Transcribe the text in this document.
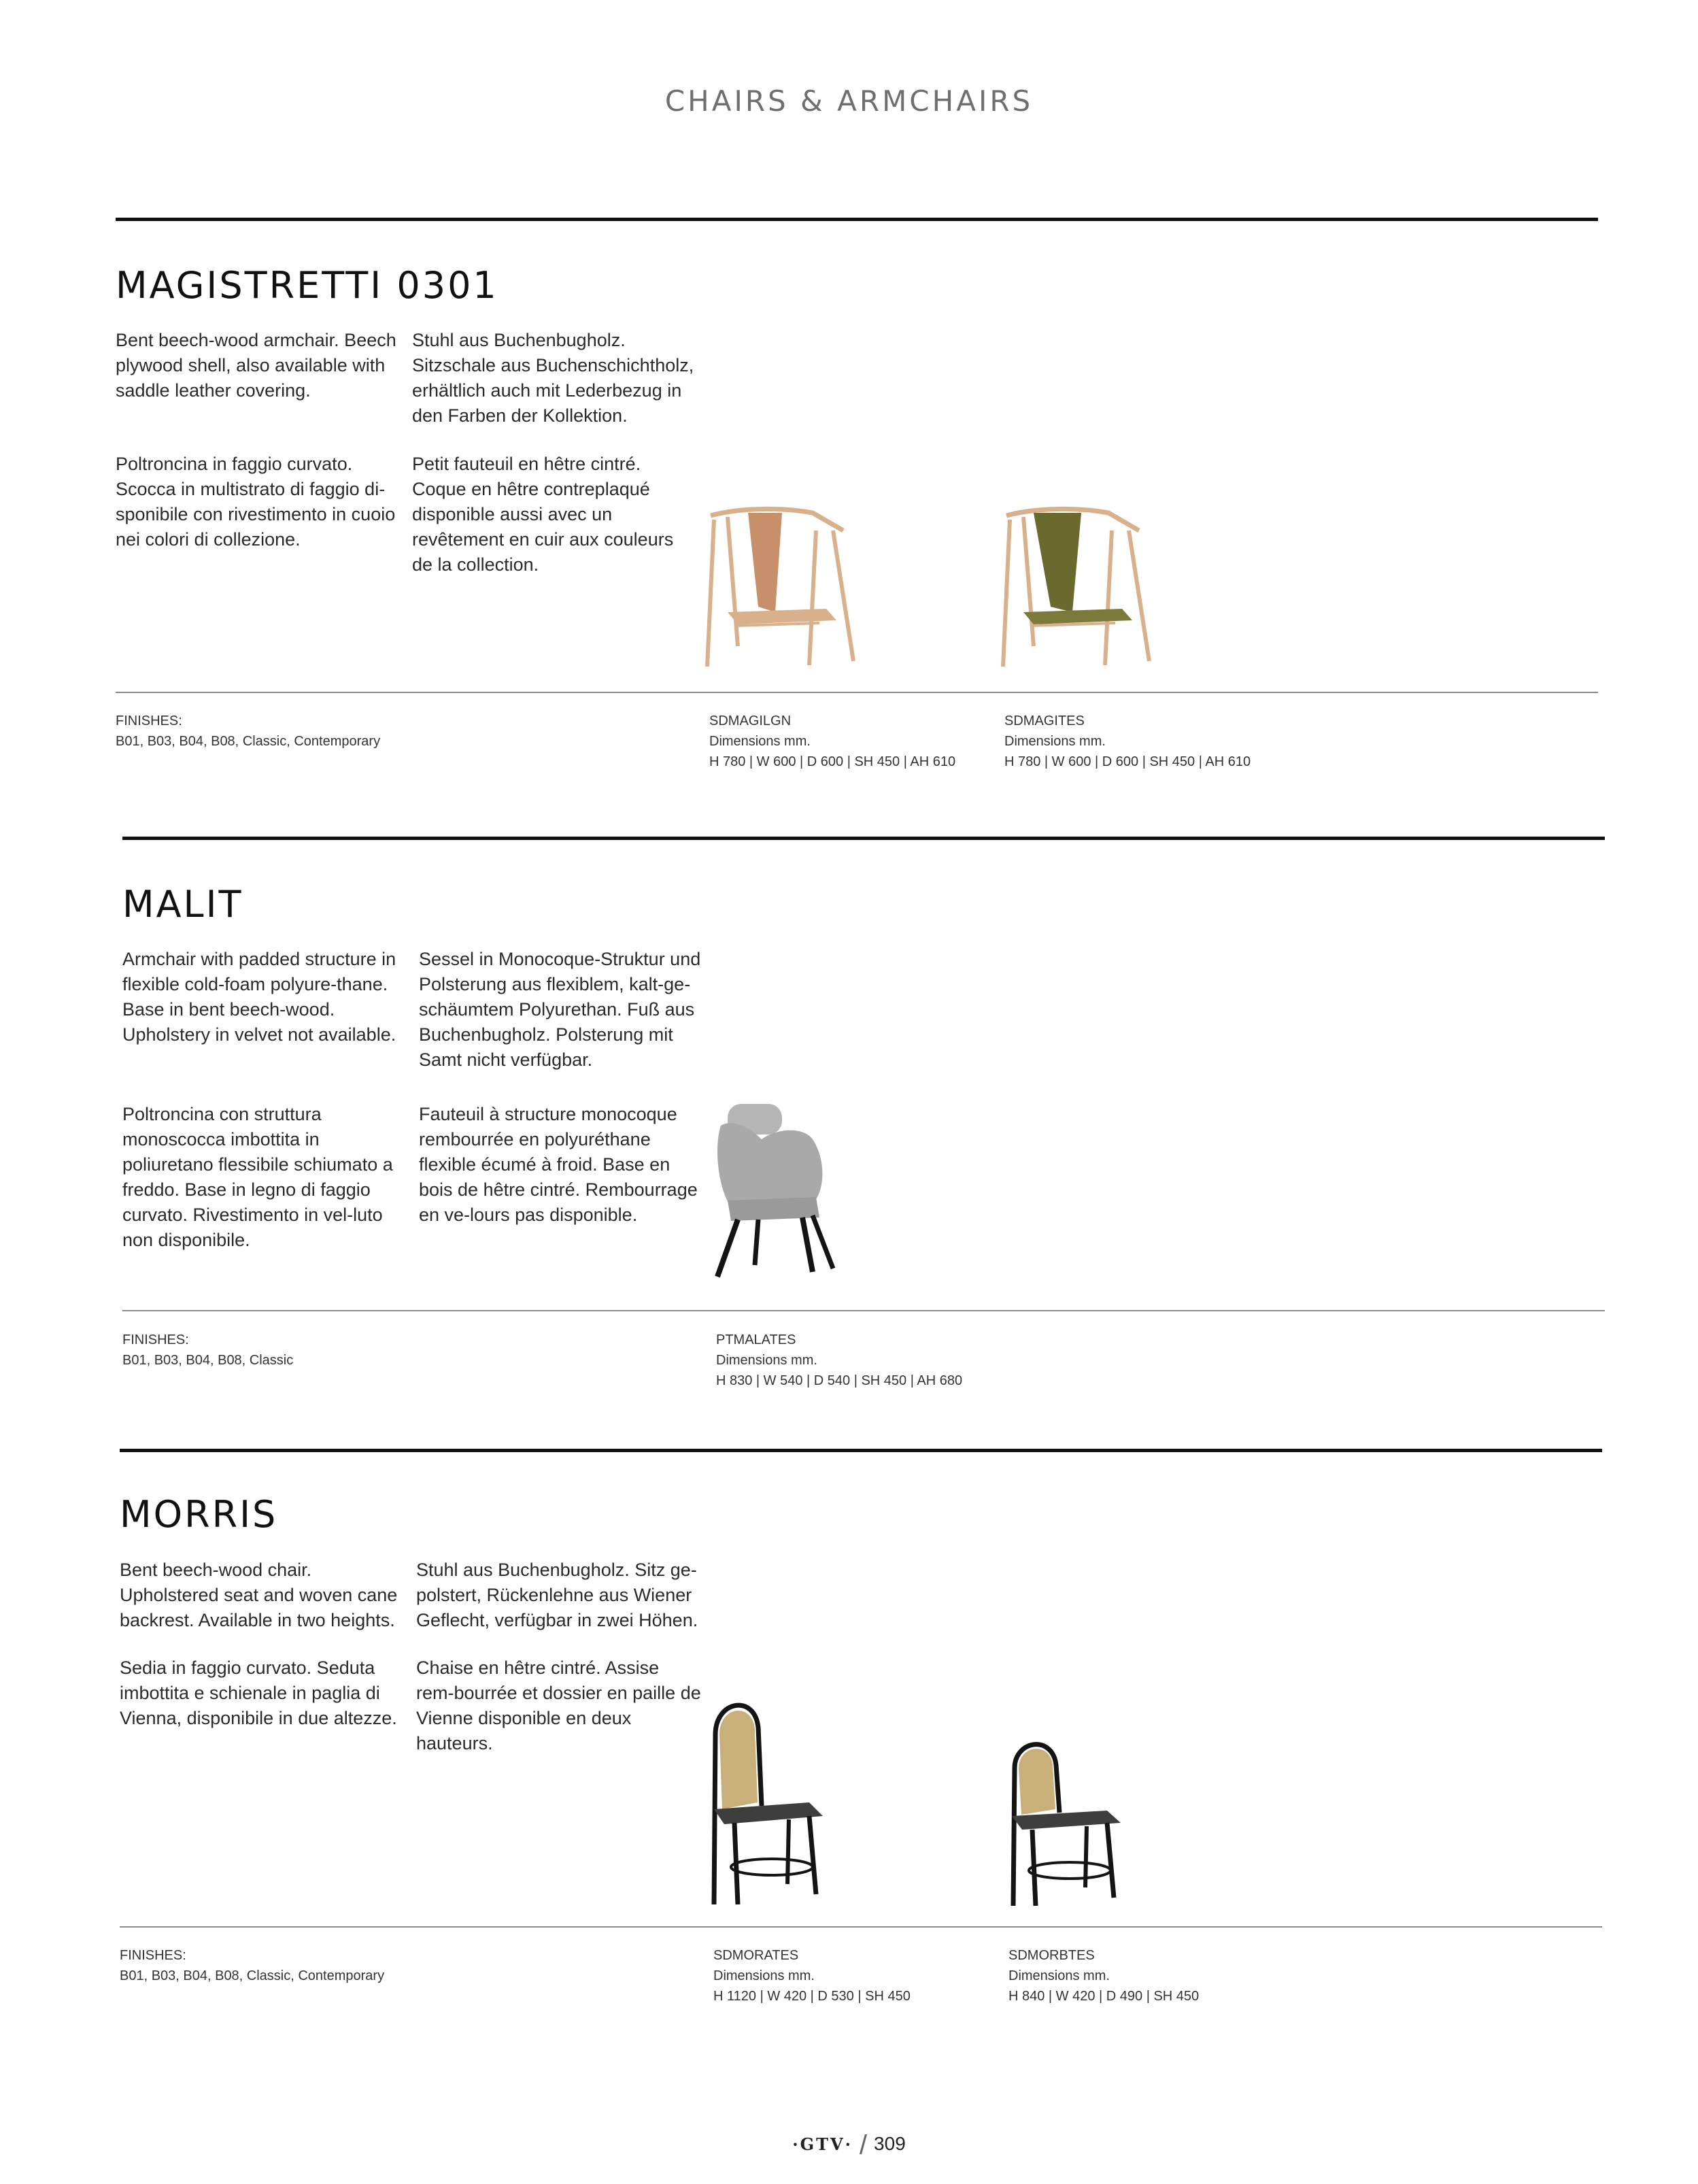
CHAIRS & ARMCHAIRS
MAGISTRETTI 0301
Bent beech-wood armchair. Beech plywood shell, also available with saddle leather covering.
Stuhl aus Buchenbugholz. Sitzschale aus Buchenschichtholz, erhältlich auch mit Lederbezug in den Farben der Kollektion.
Poltroncina in faggio curvato. Scocca in multistrato di faggio di-sponibile con rivestimento in cuoio nei colori di collezione.
Petit fauteuil en hêtre cintré. Coque en hêtre contreplaqué disponible aussi avec un revêtement en cuir aux couleurs de la collection.
FINISHES:
B01, B03, B04, B08, Classic, Contemporary
SDMAGILGN
Dimensions mm.
H 780 | W 600 | D 600 | SH 450 | AH 610
SDMAGITES
Dimensions mm.
H 780 | W 600 | D 600 | SH 450 | AH 610
MALIT
Armchair with padded structure in flexible cold-foam polyure-thane. Base in bent beech-wood. Upholstery in velvet not available.
Sessel in Monocoque-Struktur und Polsterung aus flexiblem, kalt-ge-schäumtem Polyurethan. Fuß aus Buchenbugholz. Polsterung mit Samt nicht verfügbar.
Poltroncina con struttura monoscocca imbottita in poliuretano flessibile schiumato a freddo. Base in legno di faggio curvato. Rivestimento in vel-luto non disponibile.
Fauteuil à structure monocoque rembourrée en polyuréthane flexible écumé à froid. Base en bois de hêtre cintré. Rembourrage en ve-lours pas disponible.
FINISHES:
B01, B03, B04, B08, Classic
PTMALATES
Dimensions mm.
H 830 | W 540 | D 540 | SH 450 | AH 680
MORRIS
Bent beech-wood chair. Upholstered seat and woven cane backrest. Available in two heights.
Stuhl aus Buchenbugholz. Sitz ge-polstert, Rückenlehne aus Wiener Geflecht, verfügbar in zwei Höhen.
Sedia in faggio curvato. Seduta imbottita e schienale in paglia di Vienna, disponibile in due altezze.
Chaise en hêtre cintré. Assise rem-bourrée et dossier en paille de Vienne disponible en deux hauteurs.
FINISHES:
B01, B03, B04, B08, Classic, Contemporary
SDMORATES
Dimensions mm.
H 1120 | W 420 | D 530 | SH 450
SDMORBTES
Dimensions mm.
H 840 | W 420 | D 490 | SH 450
·GTV· / 309
